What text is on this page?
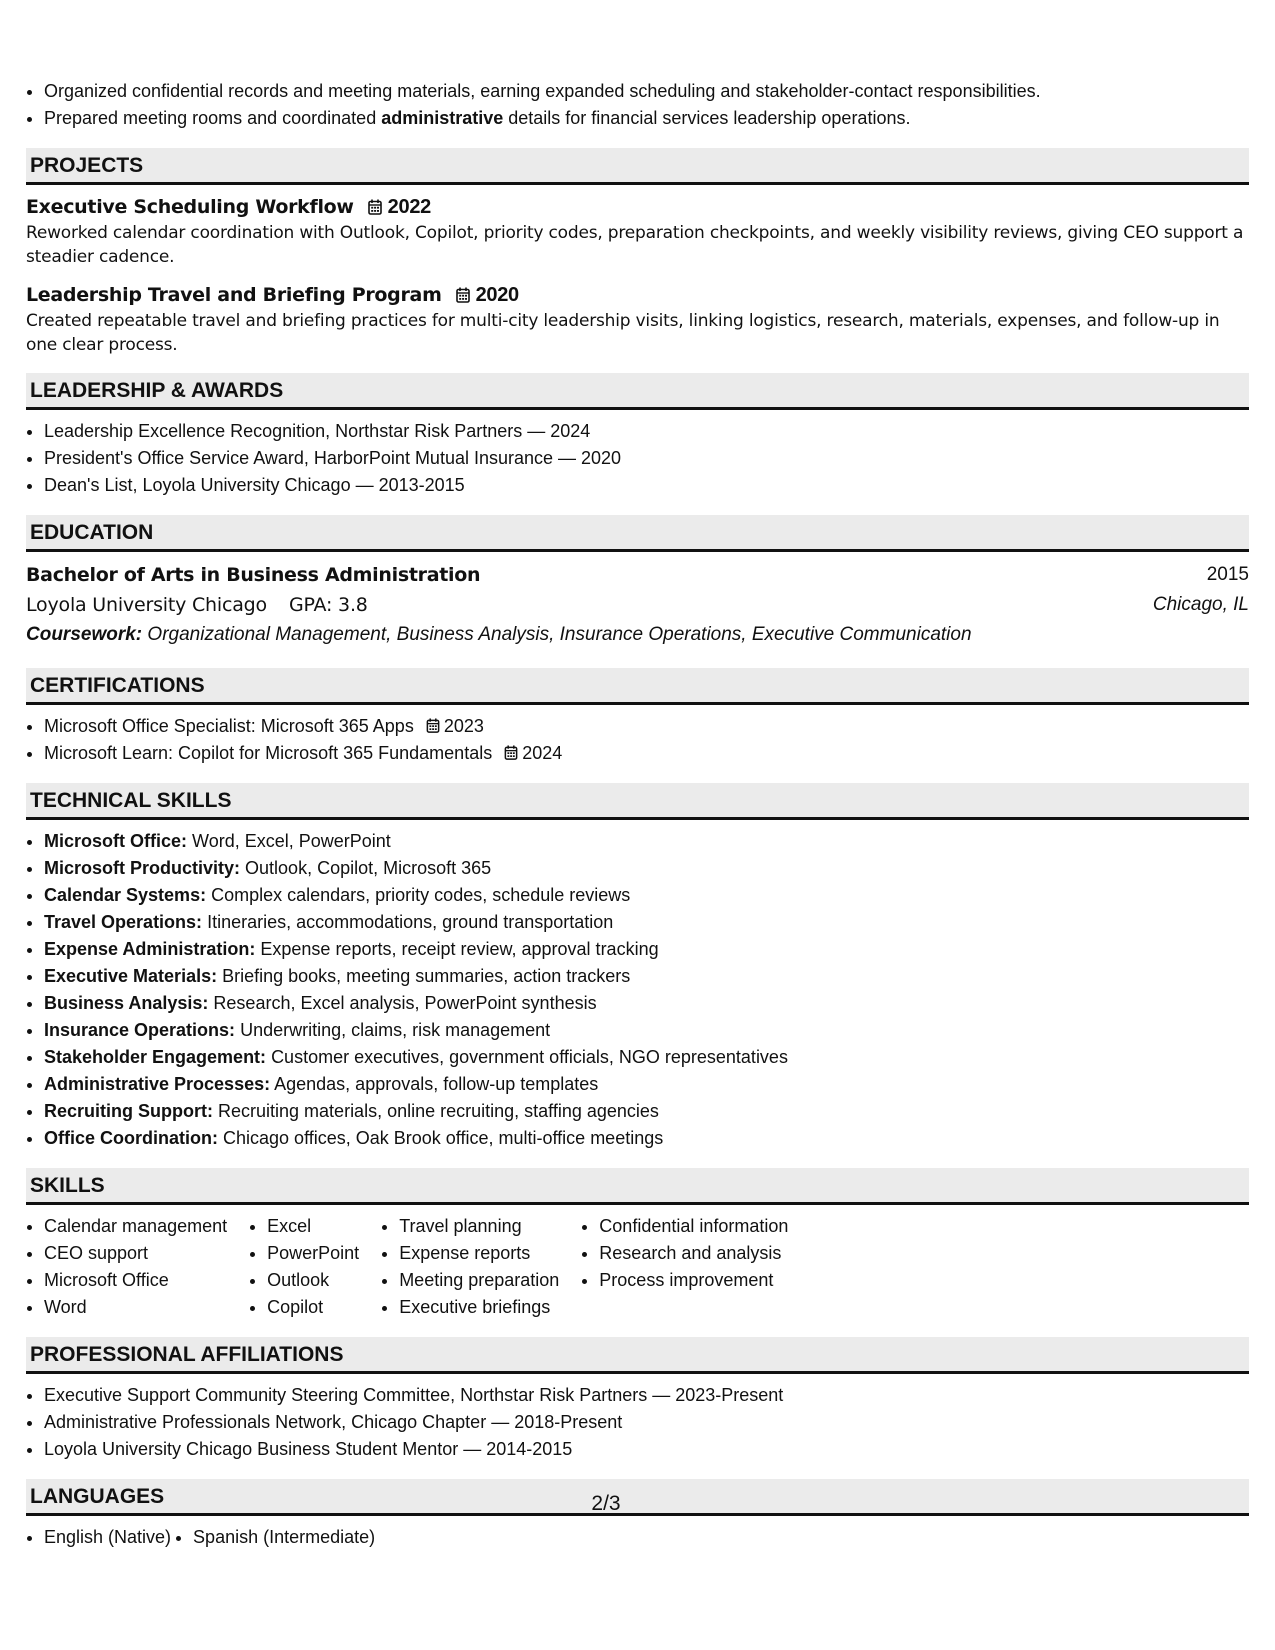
• Organized confidential records and meeting materials, earning expanded scheduling and stakeholder-contact responsibilities.
• Prepared meeting rooms and coordinated administrative details for financial services leadership operations.
PROJECTS
Executive Scheduling Workflow 2022
Reworked calendar coordination with Outlook, Copilot, priority codes, preparation checkpoints, and weekly visibility reviews, giving CEO support a steadier cadence.
Leadership Travel and Briefing Program 2020
Created repeatable travel and briefing practices for multi-city leadership visits, linking logistics, research, materials, expenses, and follow-up in one clear process.
LEADERSHIP & AWARDS
• Leadership Excellence Recognition, Northstar Risk Partners — 2024
• President's Office Service Award, HarborPoint Mutual Insurance — 2020
• Dean's List, Loyola University Chicago — 2013-2015
EDUCATION
Bachelor of Arts in Business Administration	2015
Loyola University Chicago GPA: 3.8	Chicago, IL
Coursework: Organizational Management, Business Analysis, Insurance Operations, Executive Communication
CERTIFICATIONS
• Microsoft Office Specialist: Microsoft 365 Apps 2023
• Microsoft Learn: Copilot for Microsoft 365 Fundamentals 2024
TECHNICAL SKILLS
• Microsoft Office: Word, Excel, PowerPoint
• Microsoft Productivity: Outlook, Copilot, Microsoft 365
• Calendar Systems: Complex calendars, priority codes, schedule reviews
• Travel Operations: Itineraries, accommodations, ground transportation
• Expense Administration: Expense reports, receipt review, approval tracking
• Executive Materials: Briefing books, meeting summaries, action trackers
• Business Analysis: Research, Excel analysis, PowerPoint synthesis
• Insurance Operations: Underwriting, claims, risk management
• Stakeholder Engagement: Customer executives, government officials, NGO representatives
• Administrative Processes: Agendas, approvals, follow-up templates
• Recruiting Support: Recruiting materials, online recruiting, staffing agencies
• Office Coordination: Chicago offices, Oak Brook office, multi-office meetings
SKILLS
• Calendar management
• CEO support
• Microsoft Office
• Word
• Excel
• PowerPoint
• Outlook
• Copilot
• Travel planning
• Expense reports
• Meeting preparation
• Executive briefings
• Confidential information
• Research and analysis
• Process improvement
PROFESSIONAL AFFILIATIONS
• Executive Support Community Steering Committee, Northstar Risk Partners — 2023-Present
• Administrative Professionals Network, Chicago Chapter — 2018-Present
• Loyola University Chicago Business Student Mentor — 2014-2015
LANGUAGES
• English (Native)
• Spanish (Intermediate)
2/3
